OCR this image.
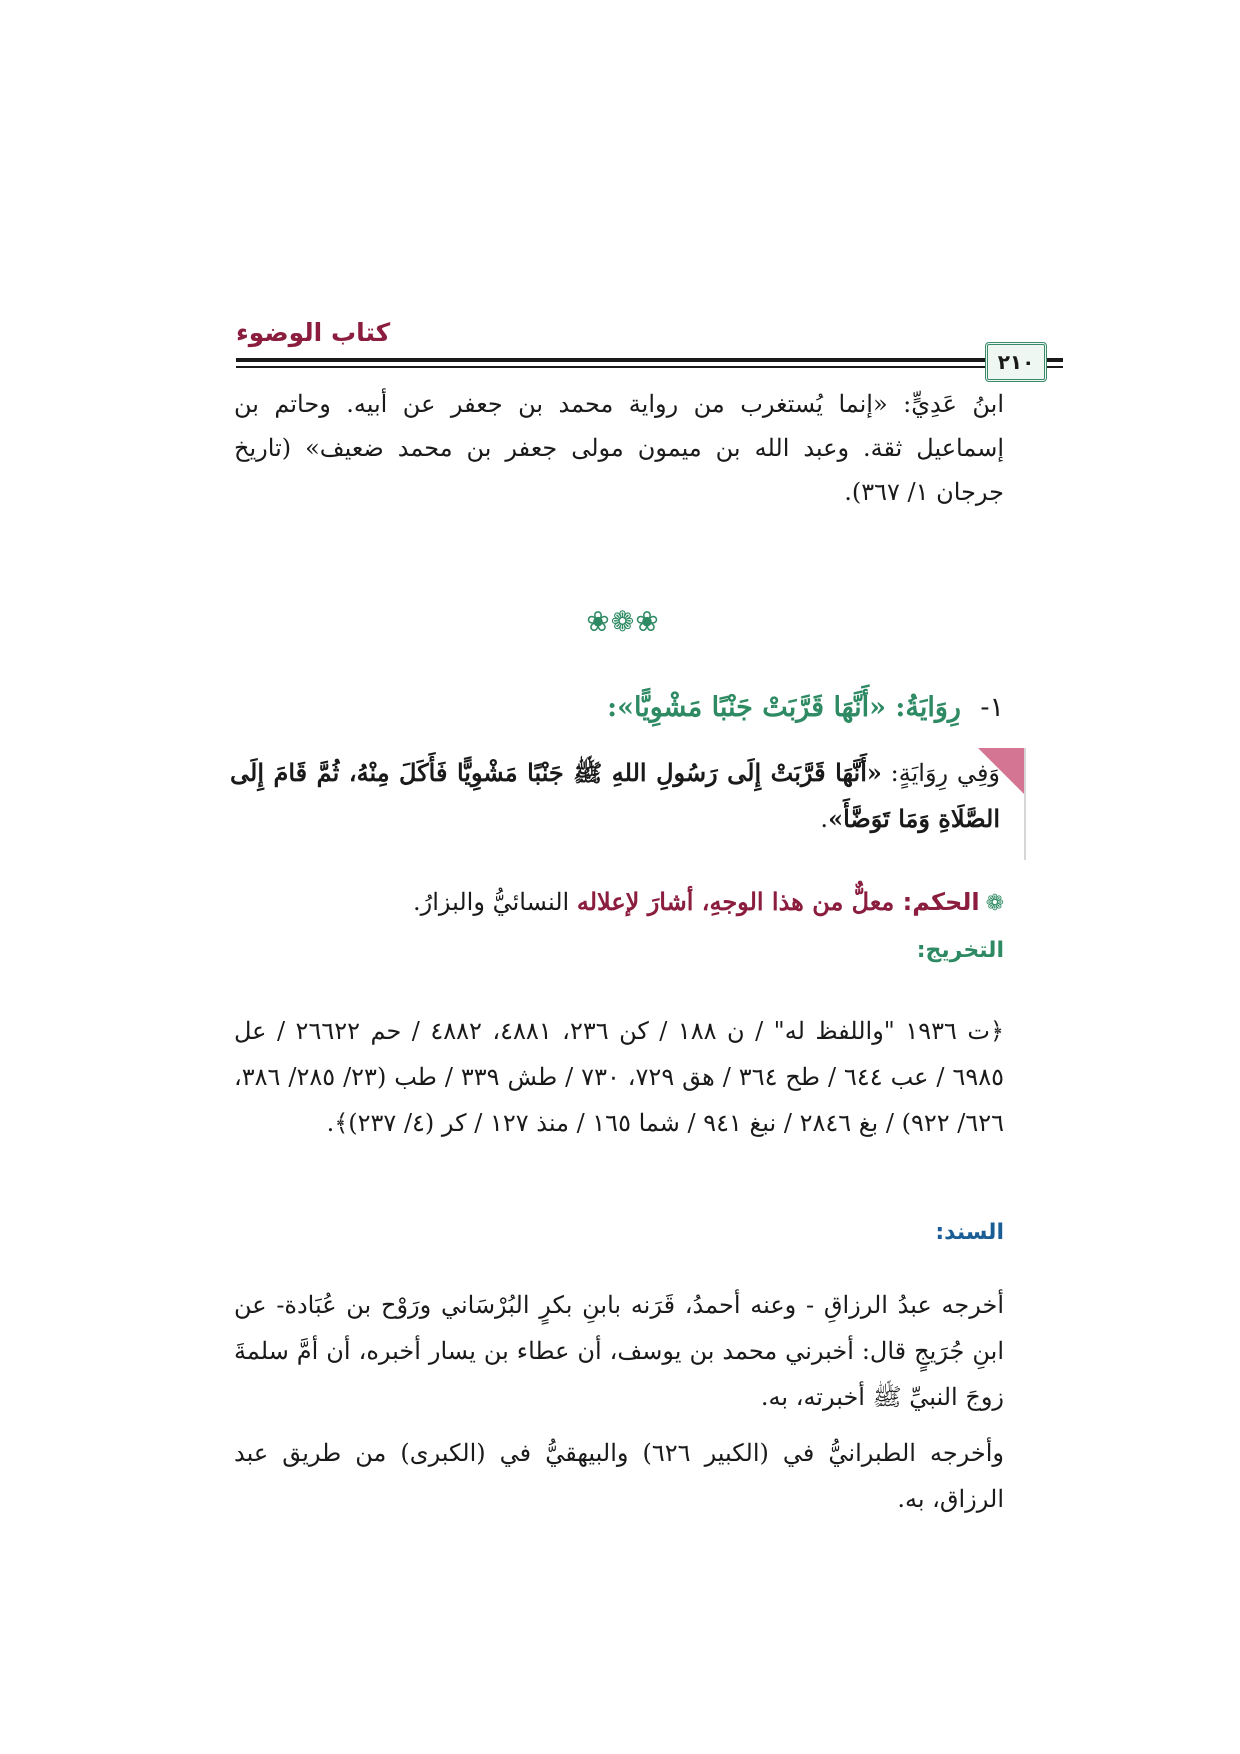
كتاب الوضوء
٢١٠
ابنُ عَدِيٍّ: «إنما يُستغرب من رواية محمد بن جعفر عن أبيه. وحاتم بن إسماعيل ثقة. وعبد الله بن ميمون مولى جعفر بن محمد ضعيف» (تاريخ جرجان ١/ ٣٦٧).
❀❁❀
١- رِوَايَةُ: «أَنَّهَا قَرَّبَتْ جَنْبًا مَشْوِيًّا»:
وَفِي رِوَايَةٍ: «أَنَّهَا قَرَّبَتْ إِلَى رَسُولِ اللهِ ﷺ جَنْبًا مَشْوِيًّا فَأَكَلَ مِنْهُ، ثُمَّ قَامَ إِلَى الصَّلَاةِ وَمَا تَوَضَّأَ».
❁الحكم: معلٌّ من هذا الوجهِ، أشارَ لإعلاله النسائيُّ والبزارُ.
التخريج:
﴿ت ١٩٣٦ "واللفظ له" / ن ١٨٨ / كن ٢٣٦، ٤٨٨١، ٤٨٨٢ / حم ٢٦٦٢٢ / عل ٦٩٨٥ / عب ٦٤٤ / طح ٣٦٤ / هق ٧٢٩، ٧٣٠ / طش ٣٣٩ / طب (٢٣/ ٢٨٥/ ٣٨٦، ٦٢٦/ ٩٢٢) / بغ ٢٨٤٦ / نبغ ٩٤١ / شما ١٦٥ / منذ ١٢٧ / كر (٤/ ٢٣٧)﴾.
السند:
أخرجه عبدُ الرزاقِ - وعنه أحمدُ، قَرَنه بابنِ بكرٍ البُرْسَاني ورَوْح بن عُبَادة- عن ابنِ جُرَيجٍ قال: أخبرني محمد بن يوسف، أن عطاء بن يسار أخبره، أن أمَّ سلمةَ زوجَ النبيِّ ﷺ أخبرته، به.
وأخرجه الطبرانيُّ في (الكبير ٦٢٦) والبيهقيُّ في (الكبرى) من طريق عبد الرزاق، به.
